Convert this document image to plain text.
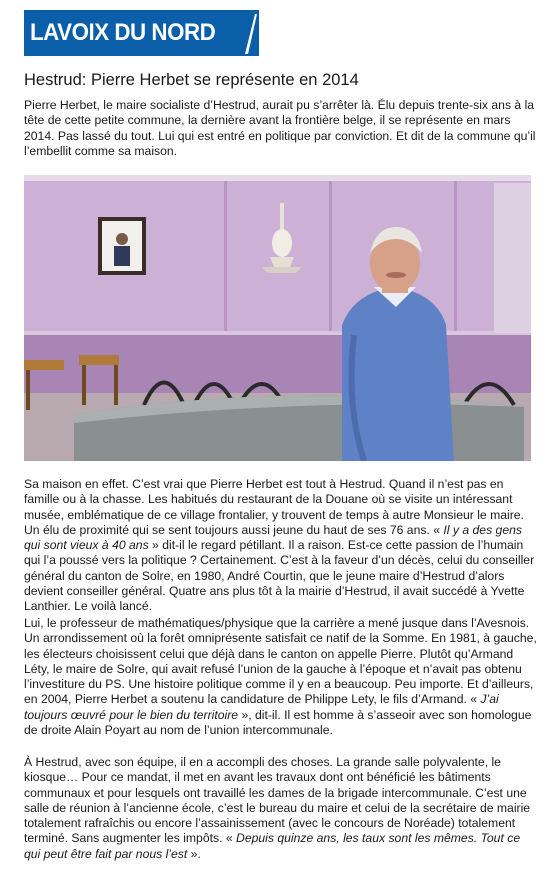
LAVOIX DU NORD
Hestrud: Pierre Herbet se représente en 2014

Pierre Herbet, le maire socialiste d’Hestrud, aurait pu s’arrêter là. Élu depuis trente-six ans à la tête de cette petite commune, la dernière avant la frontière belge, il se représente en mars 2014. Pas lassé du tout. Lui qui est entré en politique par conviction. Et dit de la commune qu’il l’embellit comme sa maison.

Sa maison en effet. C’est vrai que Pierre Herbet est tout à Hestrud. Quand il n’est pas en famille ou à la chasse. Les habitués du restaurant de la Douane où se visite un intéressant musée, emblématique de ce village frontalier, y trouvent de temps à autre Monsieur le maire. Un élu de proximité qui se sent toujours aussi jeune du haut de ses 76 ans. « Il y a des gens qui sont vieux à 40 ans » dit-il le regard pétillant. Il a raison. Est-ce cette passion de l’humain qui l’a poussé vers la politique ? Certainement. C’est à la faveur d’un décès, celui du conseiller général du canton de Solre, en 1980, André Courtin, que le jeune maire d’Hestrud d’alors devient conseiller général. Quatre ans plus tôt à la mairie d’Hestrud, il avait succédé à Yvette Lanthier. Le voilà lancé.

Lui, le professeur de mathématiques/physique que la carrière a mené jusque dans l’Avesnois. Un arrondissement où la forêt omniprésente satisfait ce natif de la Somme. En 1981, à gauche, les électeurs choisissent celui que déjà dans le canton on appelle Pierre. Plutôt qu’Armand Léty, le maire de Solre, qui avait refusé l’union de la gauche à l’époque et n’avait pas obtenu l’investiture du PS. Une histoire politique comme il y en a beaucoup. Peu importe. Et d’ailleurs, en 2004, Pierre Herbet a soutenu la candidature de Philippe Lety, le fils d’Armand. « J’ai toujours œuvré pour le bien du territoire », dit-il. Il est homme à s’asseoir avec son homologue de droite Alain Poyart au nom de l’union intercommunale.

À Hestrud, avec son équipe, il en a accompli des choses. La grande salle polyvalente, le kiosque… Pour ce mandat, il met en avant les travaux dont ont bénéficié les bâtiments communaux et pour lesquels ont travaillé les dames de la brigade intercommunale. C’est une salle de réunion à l’ancienne école, c’est le bureau du maire et celui de la secrétaire de mairie totalement rafraîchis ou encore l’assainissement (avec le concours de Noréade) totalement terminé. Sans augmenter les impôts. « Depuis quinze ans, les taux sont les mêmes. Tout ce qui peut être fait par nous l’est ».
